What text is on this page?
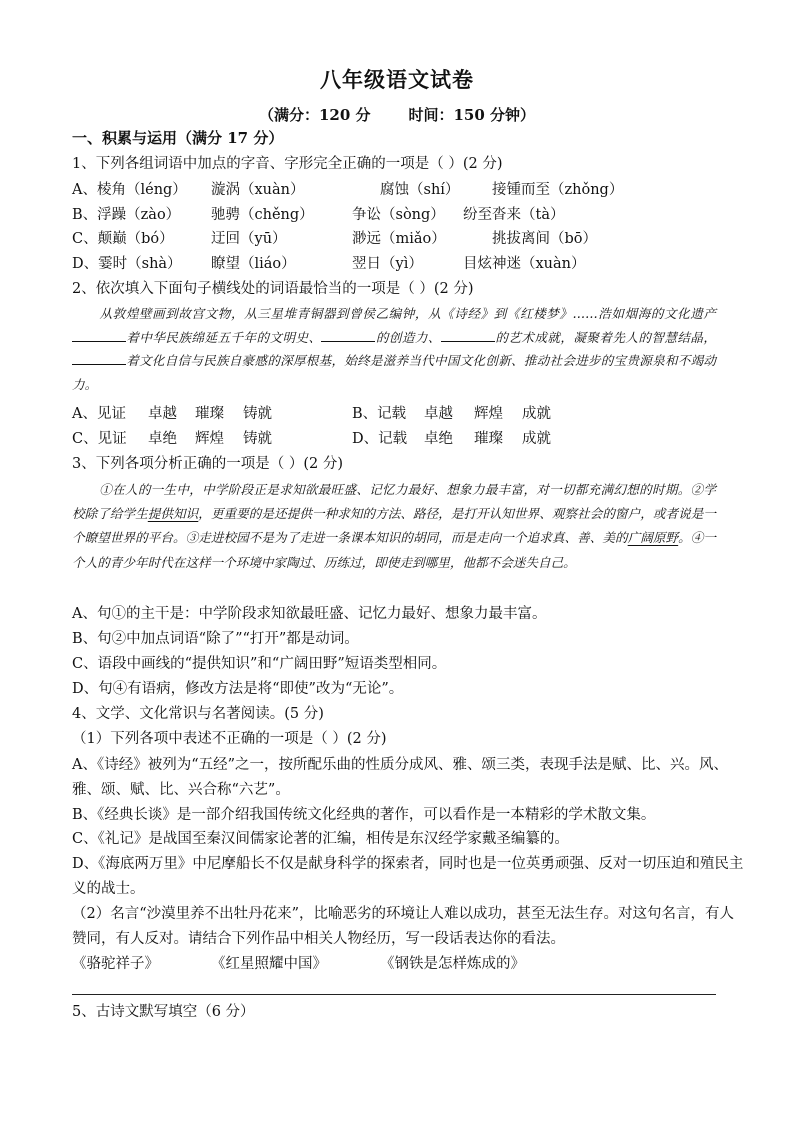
八年级语文试卷
（满分：120 分	时间：150 分钟）
一、积累与运用（满分 17 分）
1、下列各组词语中加点的字音、字形完全正确的一项是（ ）(2 分)
A、棱角（léng） 漩涡（xuàn）	腐蚀（shí） 接锺而至（zhǒng）
B、浮躁（zào） 驰骋（chěng）	争讼（sòng） 纷至沓来（tà）
C、颠巅（bó）	迂回（yū）	渺远（miǎo）	挑拔离间（bō）
D、霎时（shà） 瞭望（liáo）	翌日（yì）	目炫神迷（xuàn）
2、依次填入下面句子横线处的词语最恰当的一项是（ ）(2 分)
从敦煌壁画到故宫文物，从三星堆青铜器到曾侯乙编钟，从《诗经》到《红楼梦》……浩如烟海的文化遗产着中华民族绵延五千年的文明史、	的创造力、	的艺术成就，凝聚着先人的智慧结晶，着文化自信与民族自豪感的深厚根基，始终是滋养当代中国文化创新、推动社会进步的宝贵源泉和不竭动力。
A、见证 卓越 璀璨 铸就	B、记载 卓越 辉煌 成就
C、见证 卓绝 辉煌 铸就	D、记载 卓绝 璀璨 成就
3、下列各项分析正确的一项是（ ）(2 分)
①在人的一生中，中学阶段正是求知欲最旺盛、记忆力最好、想象力最丰富，对一切都充满幻想的时期。②学校除了给学生提供知识，更重要的是还提供一种求知的方法、路径，是打开认知世界、观察社会的窗户，或者说是一个瞭望世界的平台。③走进校园不是为了走进一条课本知识的胡同，而是走向一个追求真、善、美的广阔原野。④一个人的青少年时代在这样一个环境中家陶过、历练过，即使走到哪里，他都不会迷失自己。
A、句①的主干是：中学阶段求知欲最旺盛、记忆力最好、想象力最丰富。
B、句②中加点词语“除了”“打开”都是动词。
C、语段中画线的“提供知识”和“广阔田野”短语类型相同。
D、句④有语病，修改方法是将“即使”改为“无论”。
4、文学、文化常识与名著阅读。(5 分)
（1）下列各项中表述不正确的一项是（ ）(2 分)
A、《诗经》被列为“五经”之一，按所配乐曲的性质分成风、雅、颂三类，表现手法是赋、比、兴。风、
雅、颂、赋、比、兴合称“六艺”。
B、《经典长谈》是一部介绍我国传统文化经典的著作，可以看作是一本精彩的学术散文集。
C、《礼记》是战国至秦汉间儒家论著的汇编，相传是东汉经学家戴圣编纂的。
D、《海底两万里》中尼摩船长不仅是献身科学的探索者，同时也是一位英勇顽强、反对一切压迫和殖民主
义的战士。
（2）名言“沙漠里养不出牡丹花来”，比喻恶劣的环境让人难以成功，甚至无法生存。对这句名言，有人
赞同，有人反对。请结合下列作品中相关人物经历，写一段话表达你的看法。
《骆驼祥子》	《红星照耀中国》	《钢铁是怎样炼成的》
5、古诗文默写填空（6 分）
